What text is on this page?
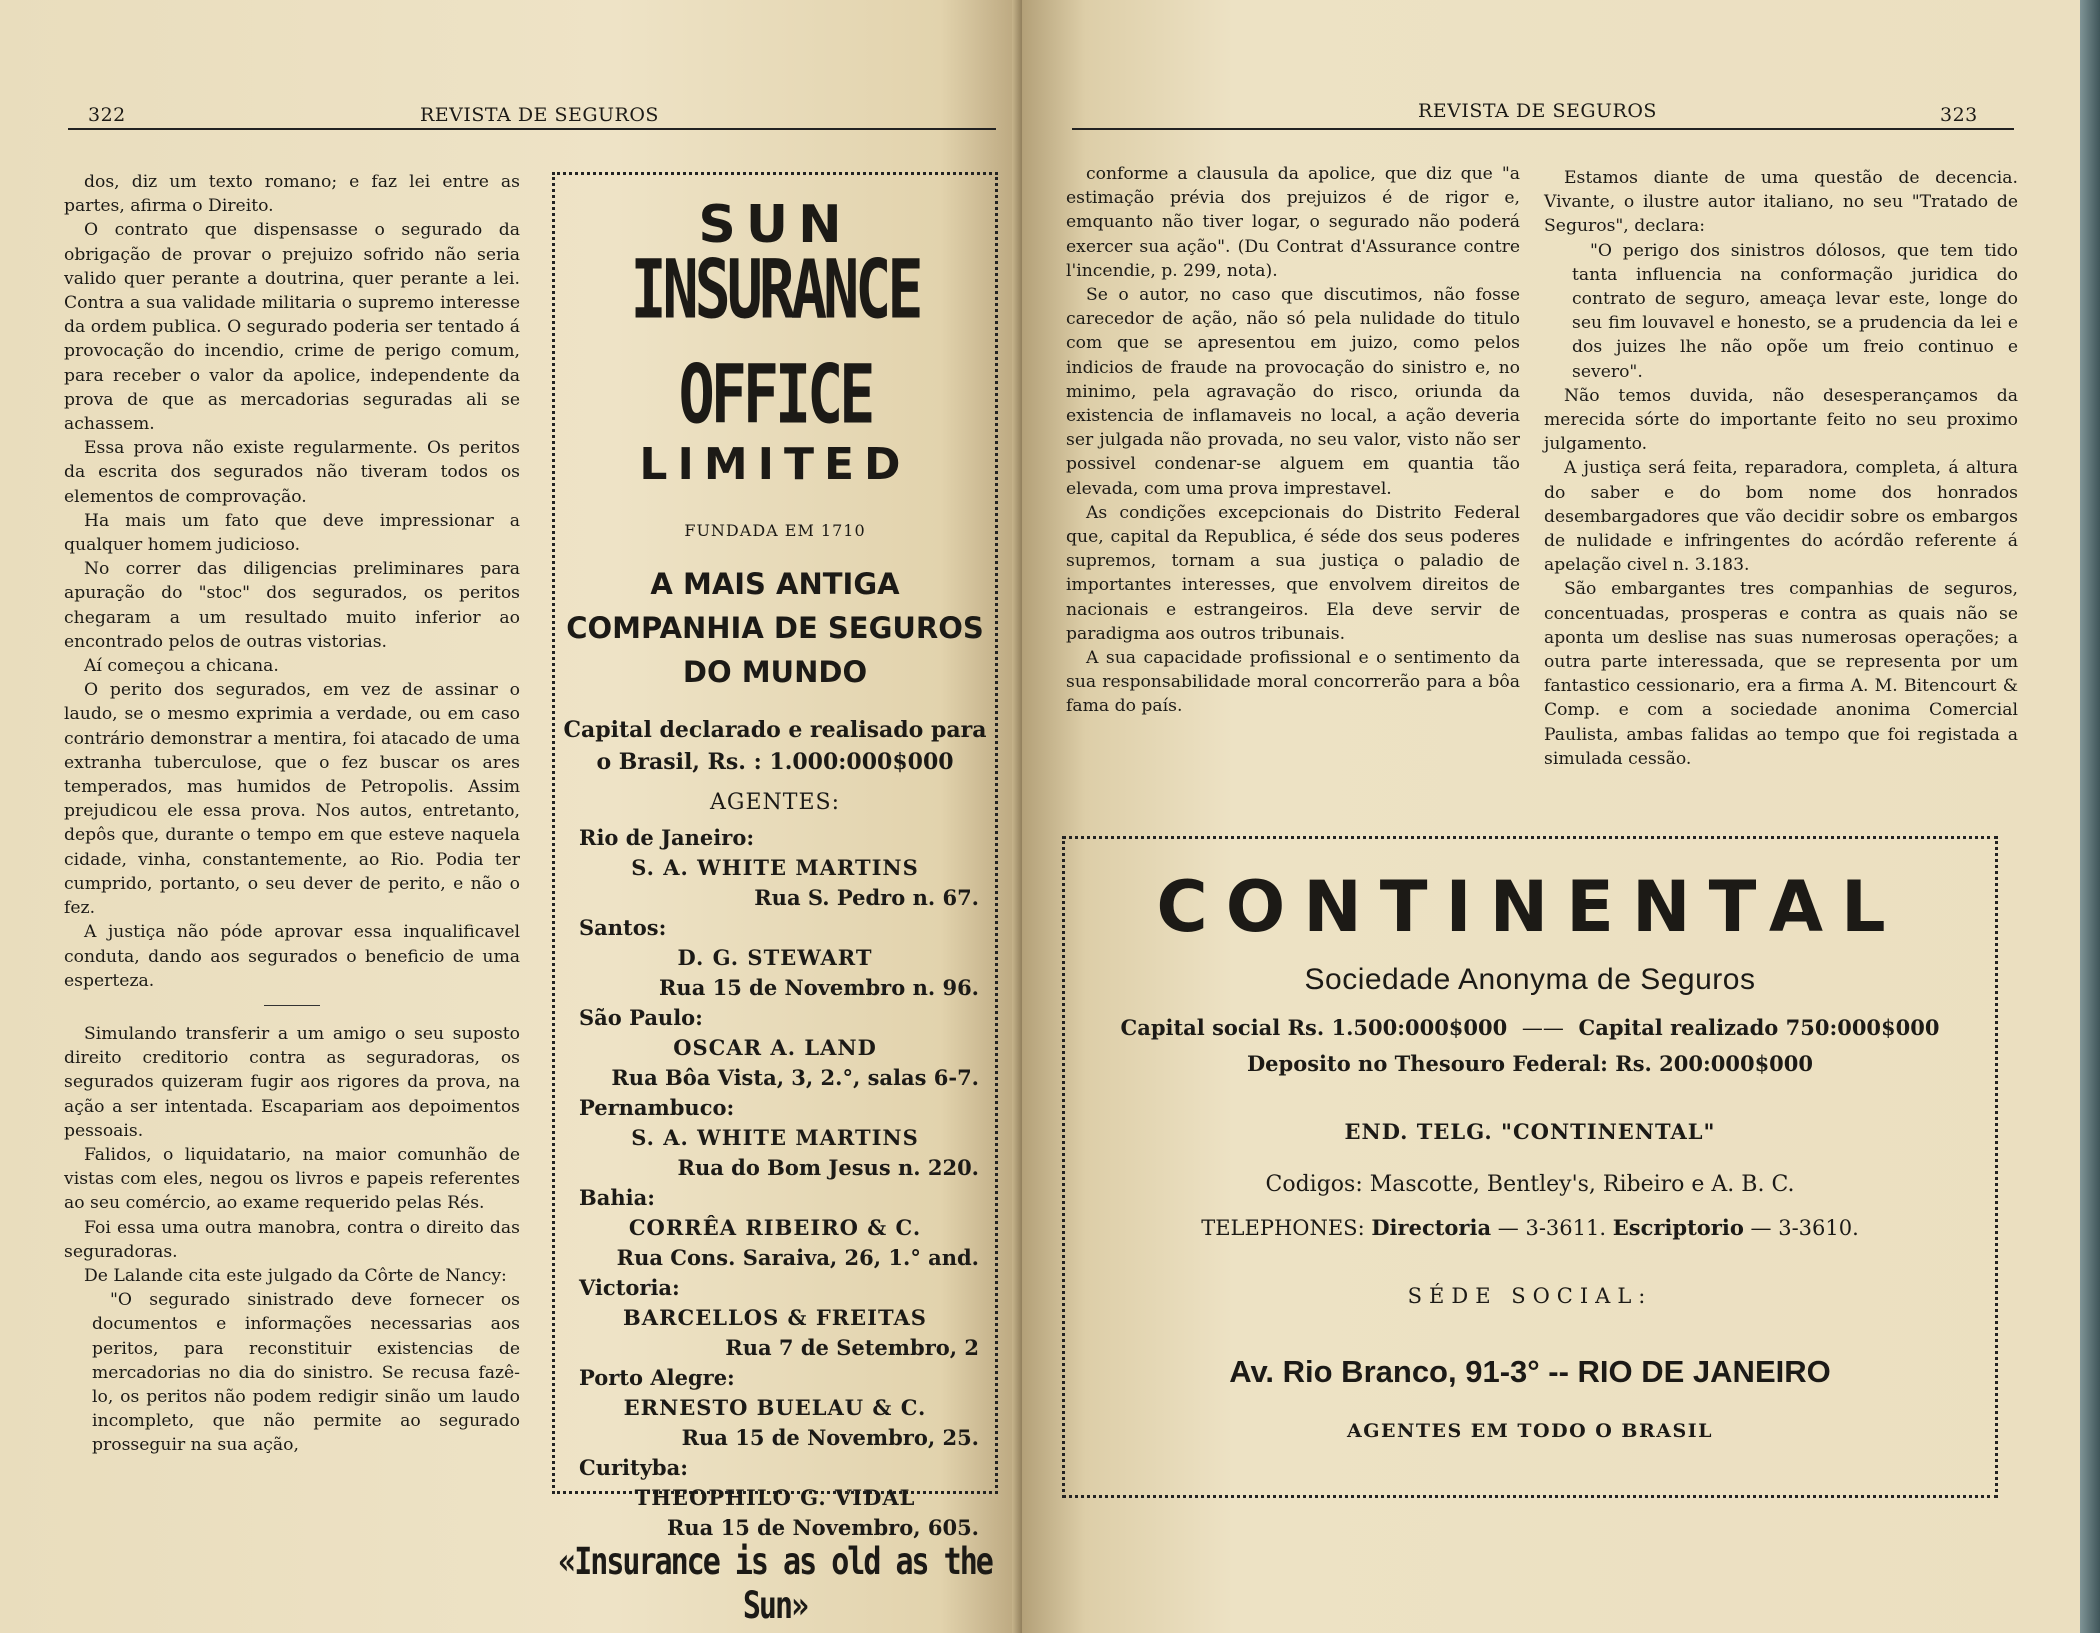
322	REVISTA DE SEGUROS

dos, diz um texto romano; e faz lei entre as partes, afirma o Direito.

O contrato que dispensasse o segurado da obrigação de provar o prejuizo sofrido não seria valido quer perante a doutrina, quer perante a lei. Contra a sua validade militaria o supremo interesse da ordem publica. O segurado poderia ser tentado á provocação do incendio, crime de perigo comum, para receber o valor da apolice, independente da prova de que as mercadorias seguradas ali se achassem.

Essa prova não existe regularmente. Os peritos da escrita dos segurados não tiveram todos os elementos de comprovação.

Ha mais um fato que deve impressionar a qualquer homem judicioso.

No correr das diligencias preliminares para apuração do "stoc" dos segurados, os peritos chegaram a um resultado muito inferior ao encontrado pelos de outras vistorias.

Aí começou a chicana.

O perito dos segurados, em vez de assinar o laudo, se o mesmo exprimia a verdade, ou em caso contrário demonstrar a mentira, foi atacado de uma extranha tuberculose, que o fez buscar os ares temperados, mas humidos de Petropolis. Assim prejudicou ele essa prova. Nos autos, entretanto, depôs que, durante o tempo em que esteve naquela cidade, vinha, constantemente, ao Rio. Podia ter cumprido, portanto, o seu dever de perito, e não o fez.

A justiça não póde aprovar essa inqualificavel conduta, dando aos segurados o beneficio de uma esperteza.

Simulando transferir a um amigo o seu suposto direito creditorio contra as seguradoras, os segurados quizeram fugir aos rigores da prova, na ação a ser intentada. Escapariam aos depoimentos pessoais.

Falidos, o liquidatario, na maior comunhão de vistas com eles, negou os livros e papeis referentes ao seu comércio, ao exame requerido pelas Rés.

Foi essa uma outra manobra, contra o direito das seguradoras.

De Lalande cita este julgado da Côrte de Nancy:

"O segurado sinistrado deve fornecer os documentos e informações necessarias aos peritos, para reconstituir existencias de mercadorias no dia do sinistro. Se recusa fazê-lo, os peritos não podem redigir sinão um laudo incompleto, que não permite ao segurado prosseguir na sua ação,

SUN
INSURANCE OFFICE
LIMITED
FUNDADA EM 1710
A MAIS ANTIGA COMPANHIA DE SEGUROS DO MUNDO
Capital declarado e realisado para o Brasil, Rs. : 1.000:000$000
AGENTES:
Rio de Janeiro:
S. A. WHITE MARTINS
Rua S. Pedro n. 67.
Santos:
D. G. STEWART
Rua 15 de Novembro n. 96.
São Paulo:
OSCAR A. LAND
Rua Bôa Vista, 3, 2.°, salas 6-7.
Pernambuco:
S. A. WHITE MARTINS
Rua do Bom Jesus n. 220.
Bahia:
CORRÊA RIBEIRO & C.
Rua Cons. Saraiva, 26, 1.° and.
Victoria:
BARCELLOS & FREITAS
Rua 7 de Setembro, 2
Porto Alegre:
ERNESTO BUELAU & C.
Rua 15 de Novembro, 25.
Curityba:
THEOPHILO G. VIDAL
Rua 15 de Novembro, 605.
«Insurance is as old as the Sun»
REVISTA DE SEGUROS	323

conforme a clausula da apolice, que diz que "a estimação prévia dos prejuizos é de rigor e, emquanto não tiver logar, o segurado não poderá exercer sua ação". (Du Contrat d'Assurance contre l'incendie, p. 299, nota).

Se o autor, no caso que discutimos, não fosse carecedor de ação, não só pela nulidade do titulo com que se apresentou em juizo, como pelos indicios de fraude na provocação do sinistro e, no minimo, pela agravação do risco, oriunda da existencia de inflamaveis no local, a ação deveria ser julgada não provada, no seu valor, visto não ser possivel condenar-se alguem em quantia tão elevada, com uma prova imprestavel.

As condições excepcionais do Distrito Federal que, capital da Republica, é séde dos seus poderes supremos, tornam a sua justiça o paladio de importantes interesses, que envolvem direitos de nacionais e estrangeiros. Ela deve servir de paradigma aos outros tribunais.

A sua capacidade profissional e o sentimento da sua responsabilidade moral concorrerão para a bôa fama do país.

Estamos diante de uma questão de decencia. Vivante, o ilustre autor italiano, no seu "Tratado de Seguros", declara:

"O perigo dos sinistros dólosos, que tem tido tanta influencia na conformação juridica do contrato de seguro, ameaça levar este, longe do seu fim louvavel e honesto, se a prudencia da lei e dos juizes lhe não opõe um freio continuo e severo".

Não temos duvida, não desesperançamos da merecida sórte do importante feito no seu proximo julgamento.

A justiça será feita, reparadora, completa, á altura do saber e do bom nome dos honrados desembargadores que vão decidir sobre os embargos de nulidade e infringentes do acórdão referente á apelação civel n. 3.183.

São embargantes tres companhias de seguros, concentuadas, prosperas e contra as quais não se aponta um deslise nas suas numerosas operações; a outra parte interessada, que se representa por um fantastico cessionario, era a firma A. M. Bitencourt & Comp. e com a sociedade anonima Comercial Paulista, ambas falidas ao tempo que foi registada a simulada cessão.

CONTINENTAL
Sociedade Anonyma de Seguros
Capital social Rs. 1.500:000$000 —— Capital realizado 750:000$000
Deposito no Thesouro Federal: Rs. 200:000$000
END. TELG. "CONTINENTAL"
Codigos: Mascotte, Bentley's, Ribeiro e A. B. C.
TELEPHONES: Directoria — 3-3611. Escriptorio — 3-3610.
SÉDE SOCIAL:
Av. Rio Branco, 91-3° -- RIO DE JANEIRO
AGENTES EM TODO O BRASIL
